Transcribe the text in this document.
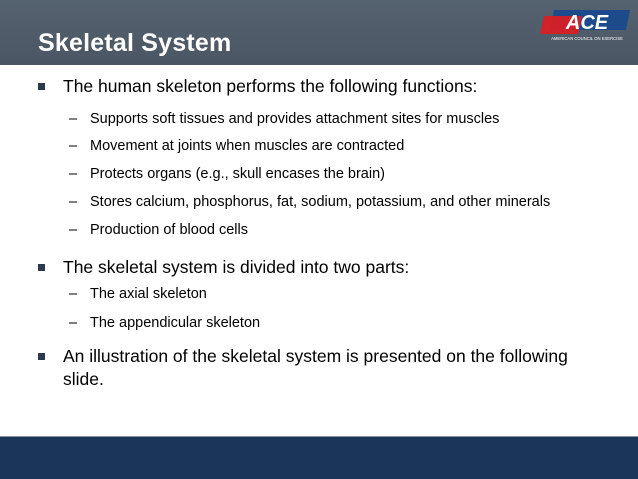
Skeletal System
ACE
AMERICAN COUNCIL ON EXERCISE
The human skeleton performs the following functions:
– Supports soft tissues and provides attachment sites for muscles
– Movement at joints when muscles are contracted
– Protects organs (e.g., skull encases the brain)
– Stores calcium, phosphorus, fat, sodium, potassium, and other minerals
– Production of blood cells
The skeletal system is divided into two parts:
– The axial skeleton
– The appendicular skeleton
An illustration of the skeletal system is presented on the following slide.
